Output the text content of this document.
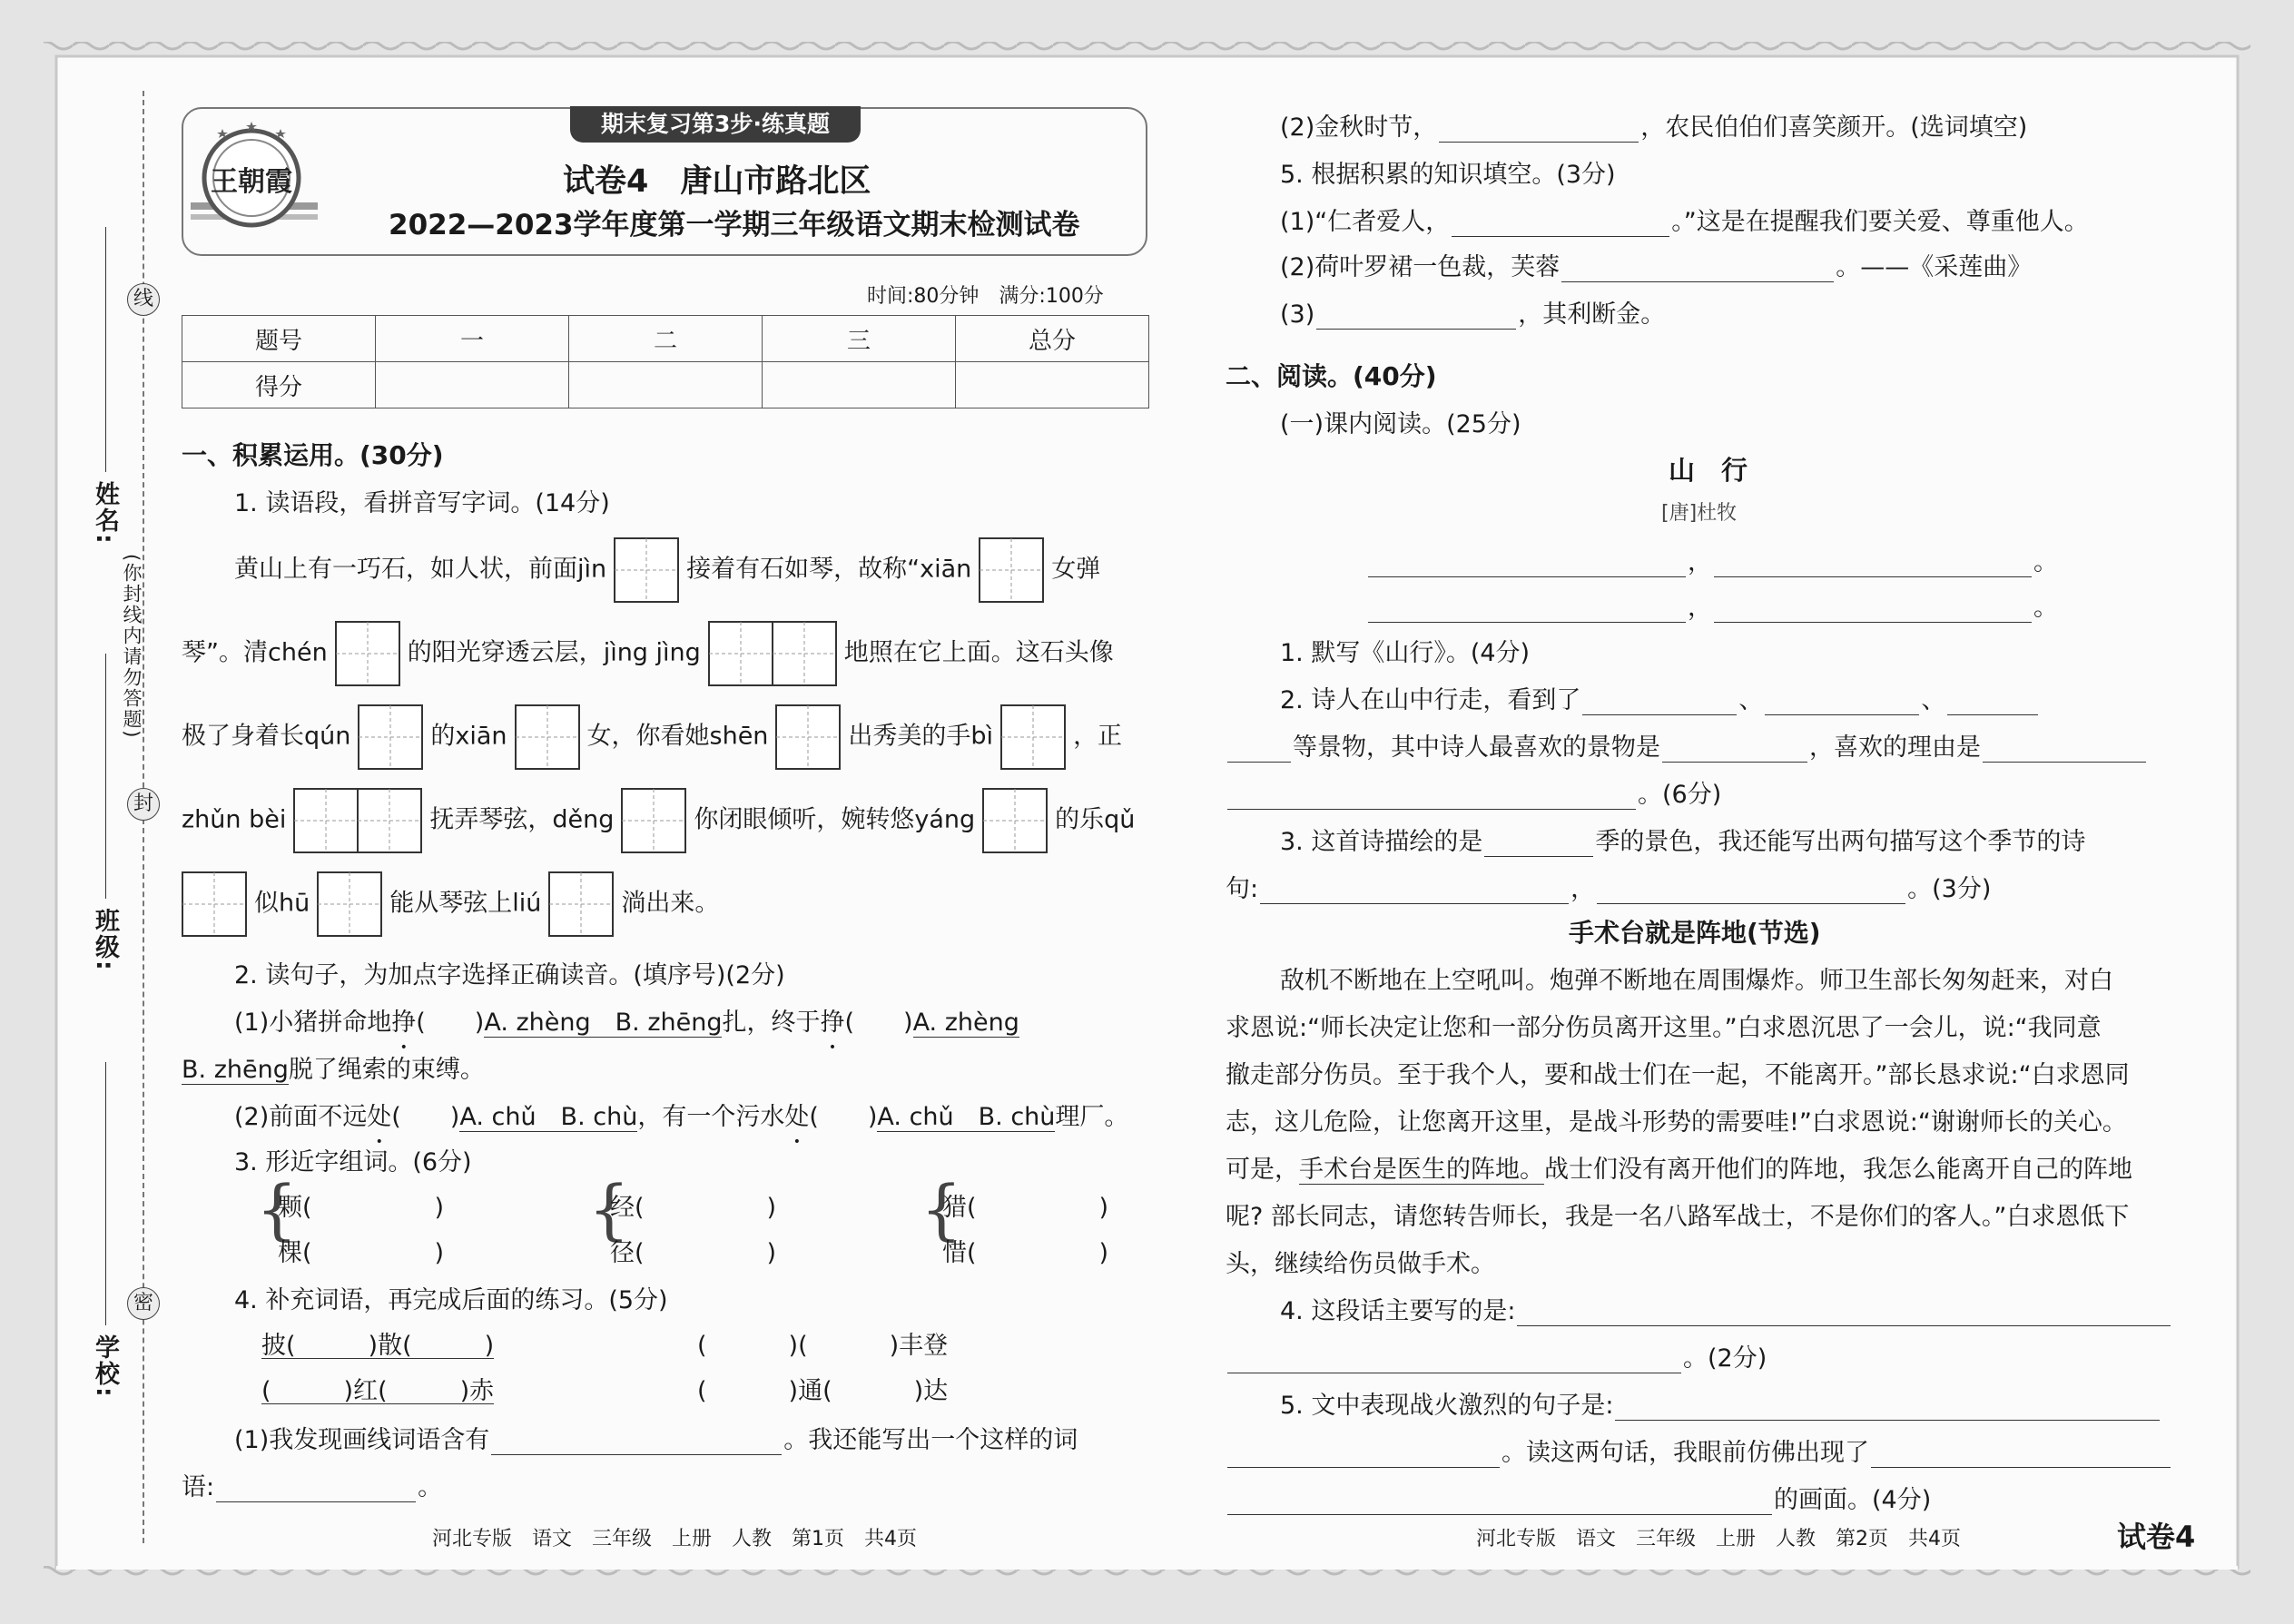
线
封
密
(你封线内请勿答题)
姓名:
班级:
学校:
期末复习第3步·练真题
王朝霞	试卷4　唐山市路北区
2022—2023学年度第一学期三年级语文期末检测试卷
时间:80分钟　满分:100分
题号	一	二	三	总分
得分				
一、积累运用。(30分)
1. 读语段，看拼音写字词。(14分)
黄山上有一巧石，如人状，前面jìn	接着有石如琴，故称“xiān	女弹
琴”。清chén	的阳光穿透云层，jìng jìng	地照在它上面。这石头像
极了身着长qún	的xiān	女，你看她shēn	出秀美的手bì	，正
zhǔn bèi	抚弄琴弦，děng	你闭眼倾听，婉转悠yáng	的乐qǔ
似hū	能从琴弦上liú	淌出来。
2. 读句子，为加点字选择正确读音。(填序号)(2分)
(1)小猪拼命地挣(　　)A. zhèng　B. zhēng扎，终于挣(　　)A. zhèng
B. zhēng脱了绳索的束缚。
(2)前面不远处(　　)A. chǔ　B. chù，有一个污水处(　　)A. chǔ　B. chù理厂。
3. 形近字组词。(6分)
{
颗(　　　　　)
棵(　　　　　)
{
经(　　　　　)
径(　　　　　)
{
猎(　　　　　)
惜(　　　　　)
4. 补充词语，再完成后面的练习。(5分)
披(	)散(	)
(	)红(	)赤
(	)(	)丰登
(	)通(	)达
(1)我发现画线词语含有	。我还能写出一个这样的词
语:	。
河北专版　语文　三年级　上册　人教　第1页　共4页
(2)金秋时节，	，农民伯伯们喜笑颜开。(选词填空)
5. 根据积累的知识填空。(3分)
(1)“仁者爱人，	。”这是在提醒我们要关爱、尊重他人。
(2)荷叶罗裙一色裁，芙蓉	。——《采莲曲》
(3)	，其利断金。
二、阅读。(40分)
(一)课内阅读。(25分)
山　行
[唐]杜牧
，	。
，	。
1. 默写《山行》。(4分)
2. 诗人在山中行走，看到了	、	、
等景物，其中诗人最喜欢的景物是	，喜欢的理由是
。(6分)
3. 这首诗描绘的是	季的景色，我还能写出两句描写这个季节的诗
句:	，	。(3分)
手术台就是阵地(节选)
敌机不断地在上空吼叫。炮弹不断地在周围爆炸。师卫生部长匆匆赶来，对白
求恩说:“师长决定让您和一部分伤员离开这里。”白求恩沉思了一会儿，说:“我同意
撤走部分伤员。至于我个人，要和战士们在一起，不能离开。”部长恳求说:“白求恩同
志，这儿危险，让您离开这里，是战斗形势的需要哇!”白求恩说:“谢谢师长的关心。
可是，手术台是医生的阵地。战士们没有离开他们的阵地，我怎么能离开自己的阵地
呢? 部长同志，请您转告师长，我是一名八路军战士，不是你们的客人。”白求恩低下
头，继续给伤员做手术。
4. 这段话主要写的是:
。(2分)
5. 文中表现战火激烈的句子是:
。读这两句话，我眼前仿佛出现了
的画面。(4分)
河北专版　语文　三年级　上册　人教　第2页　共4页	试卷4
